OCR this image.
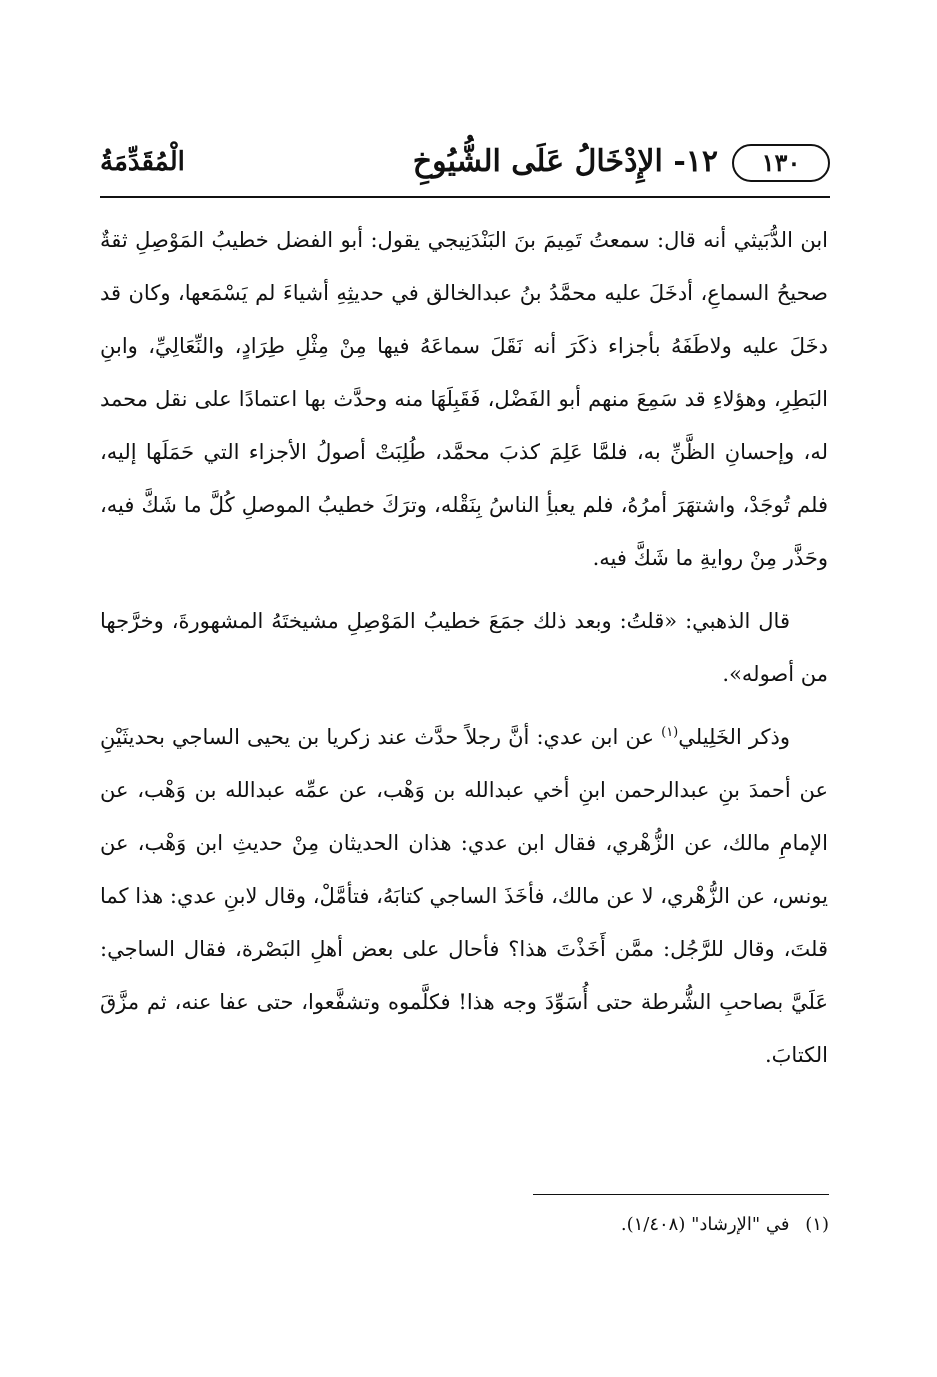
١٣٠
١٢- الإِدْخَالُ عَلَى الشُّيُوخِ
الْمُقَدِّمَةُ

ابن الدُّبَيثي أنه قال: سمعتُ تَمِيمَ بنَ البَنْدَنِيجي يقول: أبو الفضل خطيبُ المَوْصِلِ ثقةٌ صحيحُ السماعِ، أدخَلَ عليه محمَّدُ بنُ عبدالخالق في حديثِهِ أشياءَ لم يَسْمَعها، وكان قد دخَلَ عليه ولاطَفَهُ بأجزاء ذكَرَ أنه نَقَلَ سماعَهُ فيها مِنْ مِثْلِ طِرَادٍ، والنِّعَالِيِّ، وابنِ البَطِرِ، وهؤلاءِ قد سَمِعَ منهم أبو الفَضْل، فَقَبِلَهَا منه وحدَّث بها اعتمادًا على نقل محمد له، وإحسانِ الظَّنِّ به، فلمَّا عَلِمَ كذبَ محمَّد، طُلِبَتْ أصولُ الأجزاء التي حَمَلَها إليه، فلم تُوجَدْ، واشتهَرَ أمرُهُ، فلم يعبأِ الناسُ بِنَقْله، وترَكَ خطيبُ الموصلِ كُلَّ ما شَكَّ فيه، وحَذَّر مِنْ روايةِ ما شَكَّ فيه.

قال الذهبي: «قلتُ: وبعد ذلك جمَعَ خطيبُ المَوْصِلِ مشيختَهُ المشهورةَ، وخرَّجها من أصوله».

وذكر الخَلِيلي$^{(١)}$ عن ابن عدي: أنَّ رجلاً حدَّث عند زكريا بن يحيى الساجي بحديثَيْنِ عن أحمدَ بنِ عبدالرحمن ابنِ أخي عبدالله بن وَهْب، عن عمِّه عبدالله بن وَهْب، عن الإمامِ مالك، عن الزُّهْري، فقال ابن عدي: هذان الحديثان مِنْ حديثِ ابن وَهْب، عن يونس، عن الزُّهْري، لا عن مالك، فأخَذَ الساجي كتابَهُ، فتأمَّلْ، وقال لابنِ عدي: هذا كما قلتَ، وقال للرَّجُل: ممَّن أَخَذْتَ هذا؟ فأحال على بعض أهلِ البَصْرة، فقال الساجي: عَلَيَّ بصاحبِ الشُّرطة حتى أُسَوِّدَ وجه هذا! فكلَّموه وتشفَّعوا، حتى عفا عنه، ثم مزَّقَ الكتابَ.

(١) في "الإرشاد" (١/٤٠٨).
